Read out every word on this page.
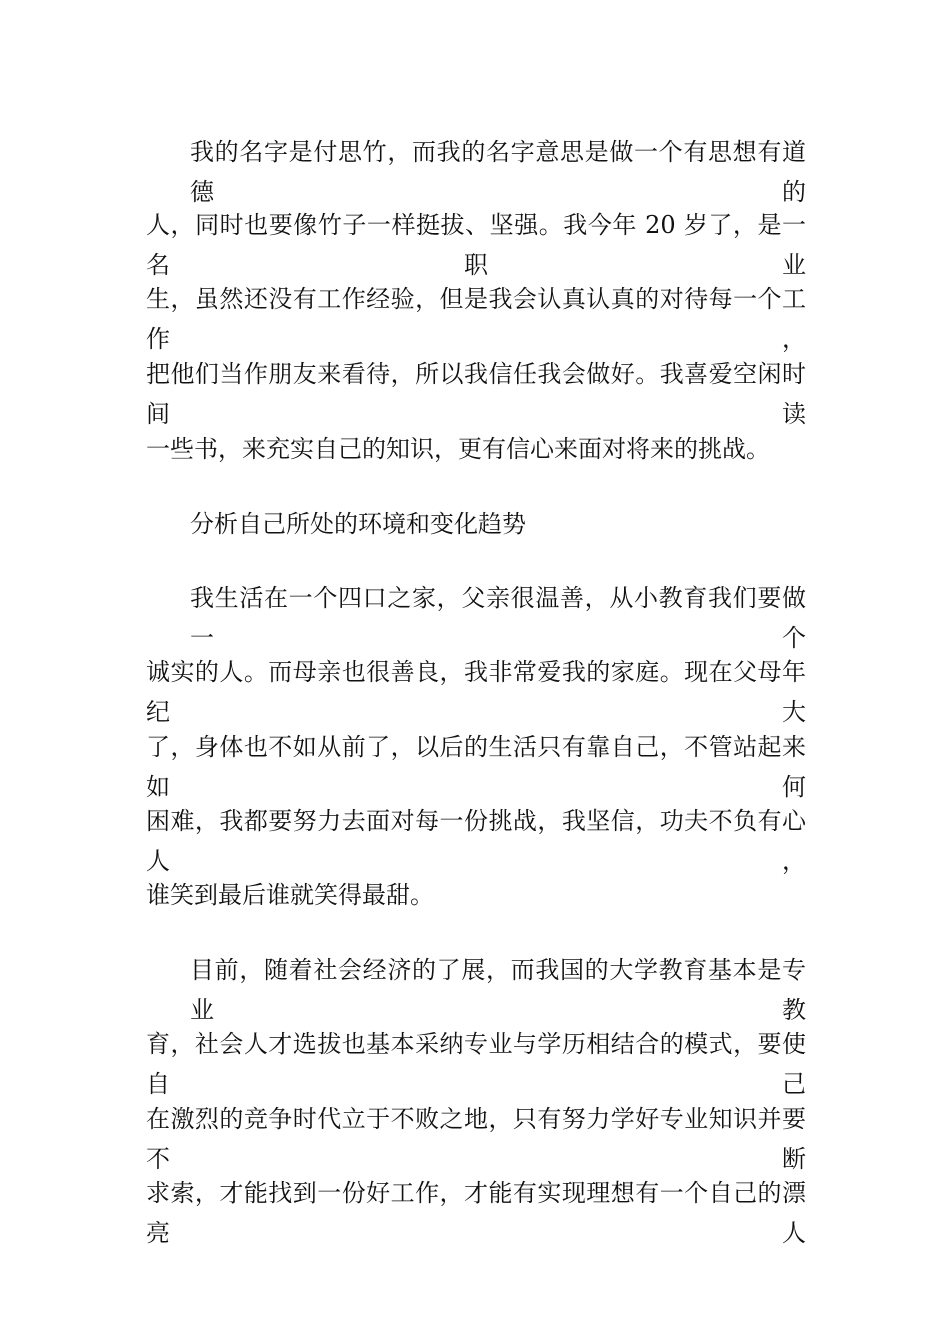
我的名字是付思竹，而我的名字意思是做一个有思想有道德的
人，同时也要像竹子一样挺拔、坚强。我今年 20 岁了，是一名职业
生，虽然还没有工作经验，但是我会认真认真的对待每一个工作，
把他们当作朋友来看待，所以我信任我会做好。我喜爱空闲时间读
一些书，来充实自己的知识，更有信心来面对将来的挑战。
分析自己所处的环境和变化趋势
我生活在一个四口之家，父亲很温善，从小教育我们要做一个
诚实的人。而母亲也很善良，我非常爱我的家庭。现在父母年纪大
了，身体也不如从前了，以后的生活只有靠自己，不管站起来如何
困难，我都要努力去面对每一份挑战，我坚信，功夫不负有心人，
谁笑到最后谁就笑得最甜。
目前，随着社会经济的了展，而我国的大学教育基本是专业教
育，社会人才选拔也基本采纳专业与学历相结合的模式，要使自己
在激烈的竞争时代立于不败之地，只有努力学好专业知识并要不断
求索，才能找到一份好工作，才能有实现理想有一个自己的漂亮人
